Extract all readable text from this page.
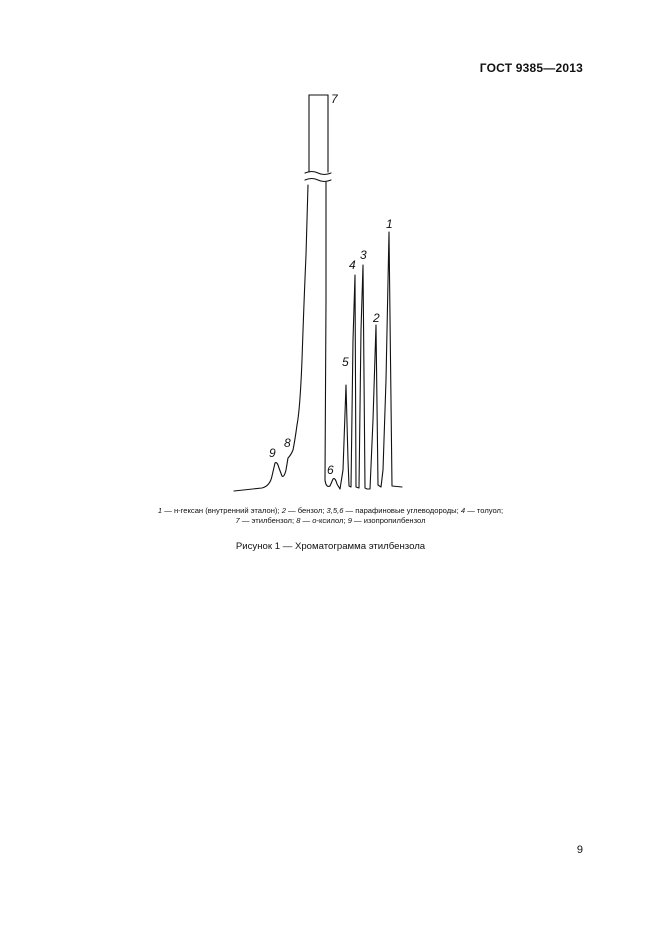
ГОСТ 9385—2013
7
1
3
4
2
5
8
9
6
1 — н-гексан (внутренний эталон); 2 — бензол; 3,5,6 — парафиновые углеводороды; 4 — толуол;
7 — этилбензол; 8 — о-ксилол; 9 — изопропилбензол
Рисунок 1 — Хроматограмма этилбензола
9
